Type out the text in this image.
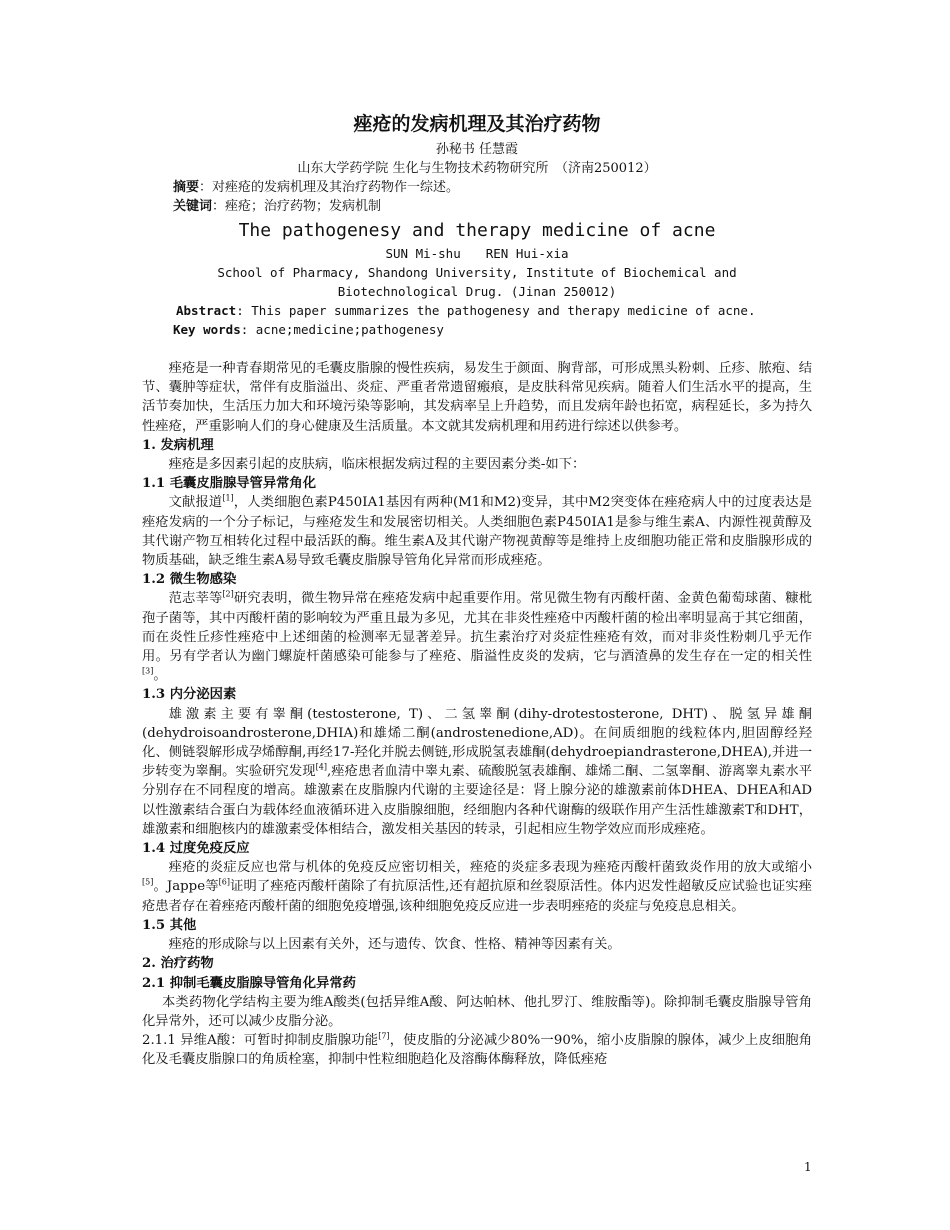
痤疮的发病机理及其治疗药物
孙秘书 任慧霞
山东大学药学院 生化与生物技术药物研究所　（济南250012）
摘要：对痤疮的发病机理及其治疗药物作一综述。
关键词：痤疮；治疗药物；发病机制
The pathogenesy and therapy medicine of acne
SUN Mi-shu　　REN Hui-xia
School of Pharmacy, Shandong University, Institute of Biochemical and
Biotechnological Drug. (Jinan 250012)
Abstract: This paper summarizes the pathogenesy and therapy medicine of acne.
Key words: acne;medicine;pathogenesy

痤疮是一种青春期常见的毛囊皮脂腺的慢性疾病，易发生于颜面、胸背部，可形成黑头粉刺、丘疹、脓疱、结节、囊肿等症状，常伴有皮脂溢出、炎症、严重者常遗留瘢痕，是皮肤科常见疾病。随着人们生活水平的提高，生活节奏加快，生活压力加大和环境污染等影响，其发病率呈上升趋势，而且发病年龄也拓宽，病程延长，多为持久性痤疮，严重影响人们的身心健康及生活质量。本文就其发病机理和用药进行综述以供参考。

1. 发病机理

痤疮是多因素引起的皮肤病，临床根据发病过程的主要因素分类-如下：

1.1 毛囊皮脂腺导管异常角化

文献报道[1]，人类细胞色素P450ⅠA1基因有两种(M1和M2)变异，其中M2突变体在痤疮病人中的过度表达是痤疮发病的一个分子标记，与痤疮发生和发展密切相关。人类细胞色素P450ⅠA1是参与维生素A、内源性视黄醇及其代谢产物互相转化过程中最活跃的酶。维生素A及其代谢产物视黄醇等是维持上皮细胞功能正常和皮脂腺形成的物质基础，缺乏维生素A易导致毛囊皮脂腺导管角化异常而形成痤疮。

1.2 微生物感染

范志莘等[2]研究表明，微生物异常在痤疮发病中起重要作用。常见微生物有丙酸杆菌、金黄色葡萄球菌、糠枇孢子菌等，其中丙酸杆菌的影响较为严重且最为多见，尤其在非炎性痤疮中丙酸杆菌的检出率明显高于其它细菌，而在炎性丘疹性痤疮中上述细菌的检测率无显著差异。抗生素治疗对炎症性痤疮有效，而对非炎性粉刺几乎无作用。另有学者认为幽门螺旋杆菌感染可能参与了痤疮、脂溢性皮炎的发病，它与酒渣鼻的发生存在一定的相关性[3]。

1.3 内分泌因素

雄激素主要有睾酮(testosterone, T)、二氢睾酮(dihy-drotestosterone, DHT)、脱氢异雄酮(dehydroisoandrosterone,DHIA)和雄烯二酮(androstenedione,AD)。在间质细胞的线粒体内,胆固醇经羟化、侧链裂解形成孕烯醇酮,再经17-羟化并脱去侧链,形成脱氢表雄酮(dehydroepiandrasterone,DHEA),并进一步转变为睾酮。实验研究发现[4],痤疮患者血清中睾丸素、硫酸脱氢表雄酮、雄烯二酮、二氢睾酮、游离睾丸素水平分别存在不同程度的增高。雄激素在皮脂腺内代谢的主要途径是：肾上腺分泌的雄激素前体DHEA、DHEA和AD以性激素结合蛋白为载体经血液循环进入皮脂腺细胞，经细胞内各种代谢酶的级联作用产生活性雄激素T和DHT，雄激素和细胞核内的雄激素受体相结合，激发相关基因的转录，引起相应生物学效应而形成痤疮。

1.4 过度免疫反应

痤疮的炎症反应也常与机体的免疫反应密切相关，痤疮的炎症多表现为痤疮丙酸杆菌致炎作用的放大或缩小[5]。Jappe等[6]证明了痤疮丙酸杆菌除了有抗原活性,还有超抗原和丝裂原活性。体内迟发性超敏反应试验也证实痤疮患者存在着痤疮丙酸杆菌的细胞免疫增强,该种细胞免疫反应进一步表明痤疮的炎症与免疫息息相关。

1.5 其他

痤疮的形成除与以上因素有关外，还与遗传、饮食、性格、精神等因素有关。

2. 治疗药物

2.1 抑制毛囊皮脂腺导管角化异常药

本类药物化学结构主要为维A酸类(包括异维A酸、阿达帕林、他扎罗汀、维胺酯等)。除抑制毛囊皮脂腺导管角化异常外，还可以减少皮脂分泌。

2.1.1 异维A酸：可暂时抑制皮脂腺功能[7]，使皮脂的分泌减少80%一90%，缩小皮脂腺的腺体，减少上皮细胞角化及毛囊皮脂腺口的角质栓塞，抑制中性粒细胞趋化及溶酶体酶释放，降低痤疮

1
